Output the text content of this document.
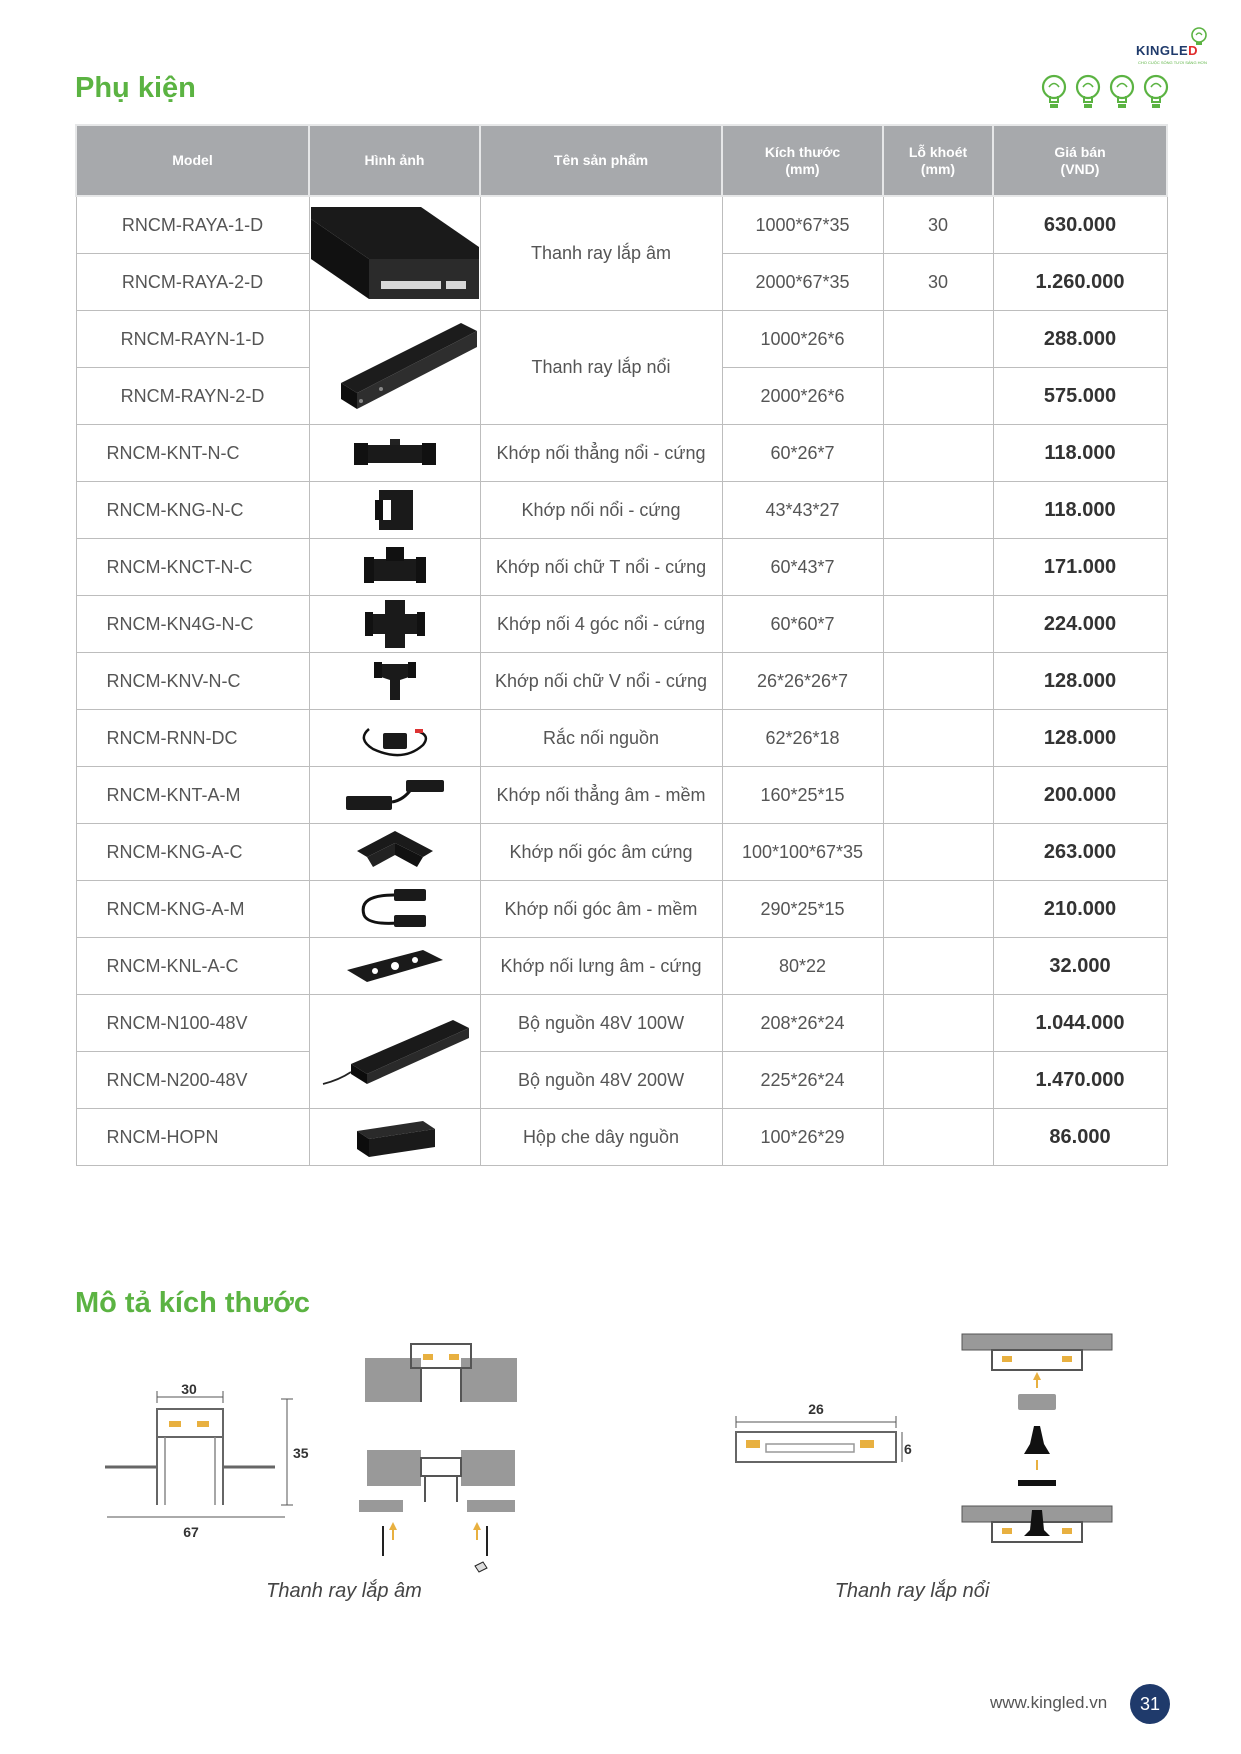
KINGLED
CHO CUỘC SỐNG TƯƠI SÁNG HƠN
Phụ kiện
Model	Hình ảnh	Tên sản phẩm	Kích thước
(mm)	Lỗ khoét
(mm)	Giá bán
(VND)
RNCM-RAYA-1-D		Thanh ray lắp âm	1000*67*35	30	630.000
RNCM-RAYA-2-D			2000*67*35	30	1.260.000
RNCM-RAYN-1-D		Thanh ray lắp nổi	1000*26*6		288.000
RNCM-RAYN-2-D			2000*26*6		575.000
RNCM-KNT-N-C		Khớp nối thẳng nổi - cứng	60*26*7		118.000
RNCM-KNG-N-C		Khớp nối nổi - cứng	43*43*27		118.000
RNCM-KNCT-N-C		Khớp nối chữ T nổi - cứng	60*43*7		171.000
RNCM-KN4G-N-C		Khớp nối 4 góc nổi - cứng	60*60*7		224.000
RNCM-KNV-N-C		Khớp nối chữ V nổi - cứng	26*26*26*7		128.000
RNCM-RNN-DC		Rắc nối nguồn	62*26*18		128.000
RNCM-KNT-A-M		Khớp nối thẳng âm - mềm	160*25*15		200.000
RNCM-KNG-A-C		Khớp nối góc âm cứng	100*100*67*35		263.000
RNCM-KNG-A-M		Khớp nối góc âm - mềm	290*25*15		210.000
RNCM-KNL-A-C		Khớp nối lưng âm - cứng	80*22		32.000
RNCM-N100-48V		Bộ nguồn 48V 100W	208*26*24		1.044.000
RNCM-N200-48V		Bộ nguồn 48V 200W	225*26*24		1.470.000
RNCM-HOPN		Hộp che dây nguồn	100*26*29		86.000
Mô tả kích thước
30
35
67
Thanh ray lắp âm
26
6
Thanh ray lắp nổi
www.kingled.vn	31
